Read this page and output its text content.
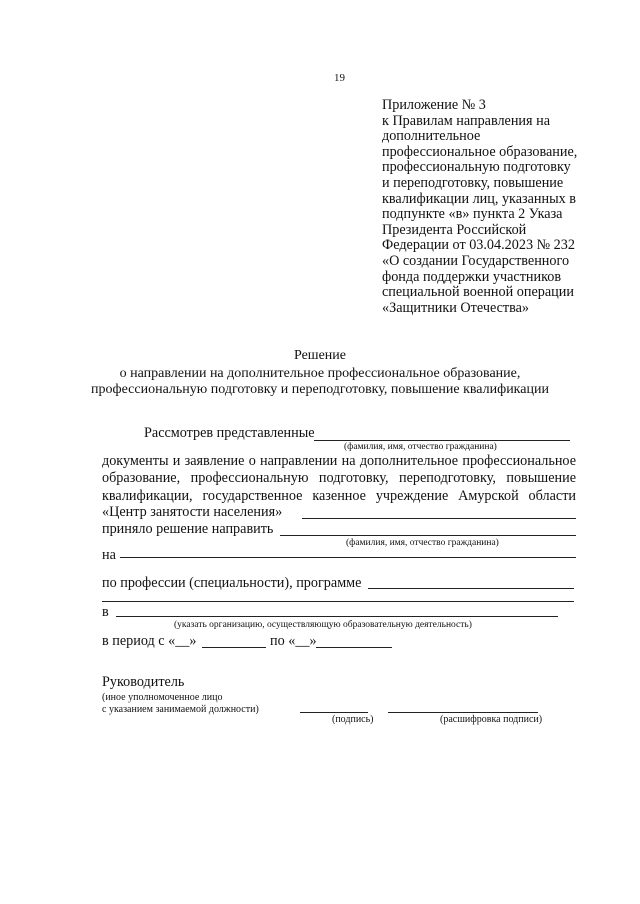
19
Приложение № 3
к Правилам направления на
дополнительное
профессиональное образование,
профессиональную подготовку
и переподготовку, повышение
квалификации лиц, указанных в
подпункте «в» пункта 2 Указа
Президента Российской
Федерации от 03.04.2023 № 232
«О создании Государственного
фонда поддержки участников
специальной военной операции
«Защитники Отечества»
Решение
о направлении на дополнительное профессиональное образование,
профессиональную подготовку и переподготовку, повышение квалификации
Рассмотрев представленные
(фамилия, имя, отчество гражданина)
документы и заявление о направлении на дополнительное профессиональное
образование, профессиональную подготовку, переподготовку, повышение
квалификации, государственное казенное учреждение Амурской области
«Центр занятости населения»
приняло решение направить
(фамилия, имя, отчество гражданина)
на
по профессии (специальности), программе
в
(указать организацию, осуществляющую образовательную деятельность)
в период с «__»	по «__»
Руководитель
(иное уполномоченное лицо
с указанием занимаемой должности)
(подпись)	(расшифровка подписи)
